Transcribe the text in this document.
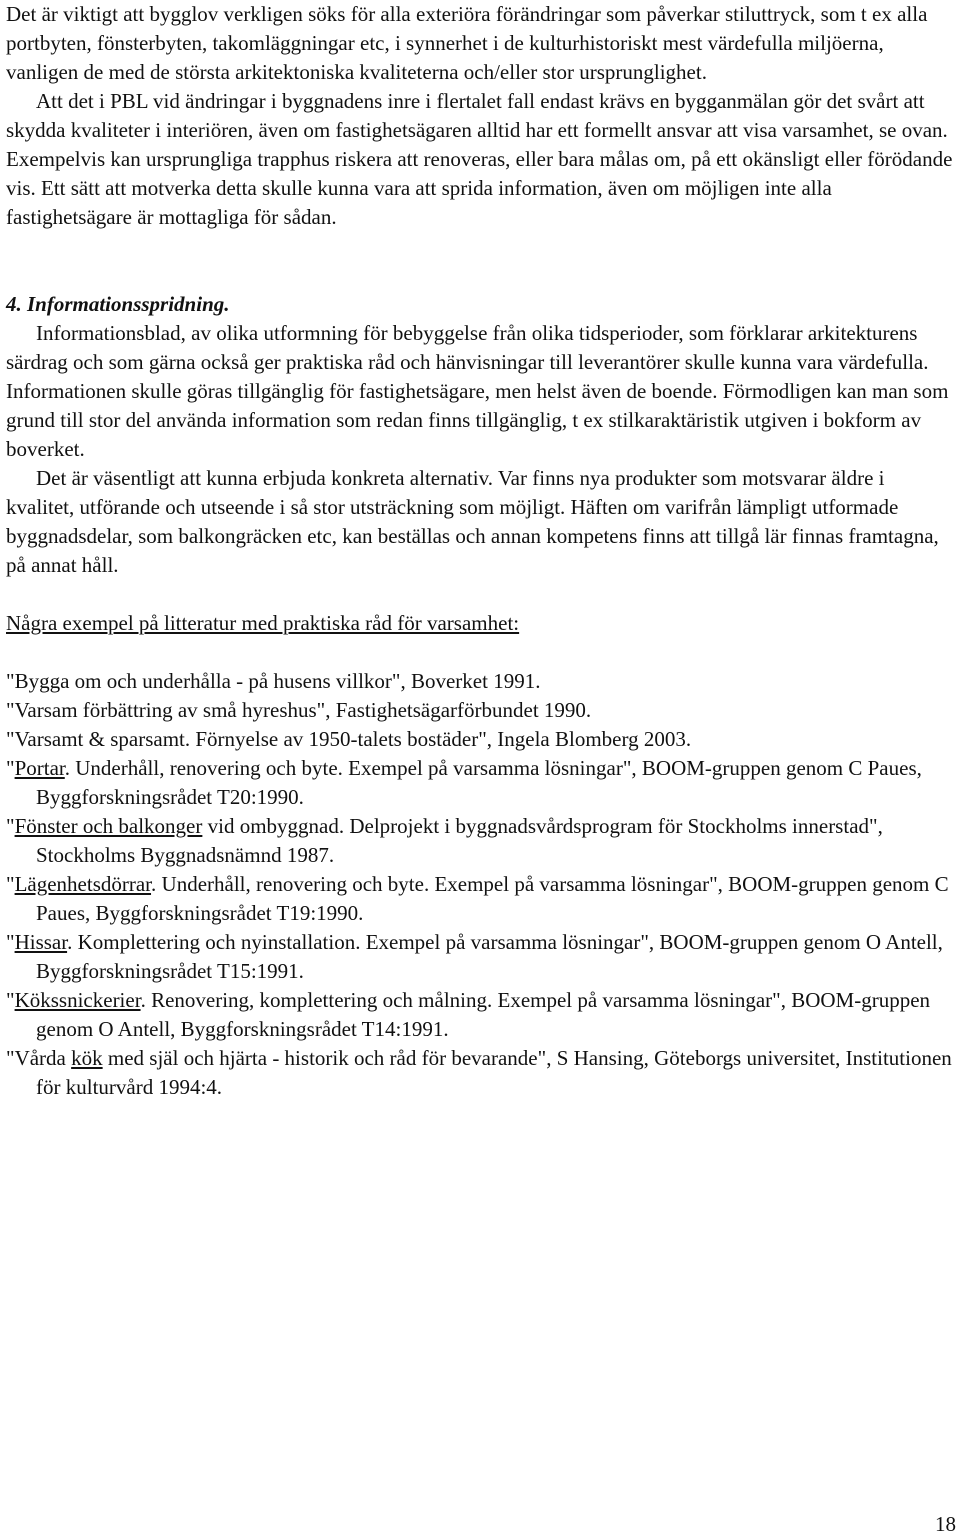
Det är viktigt att bygglov verkligen söks för alla exteriöra förändringar som påverkar stiluttryck, som t ex alla portbyten, fönsterbyten, takomläggningar etc, i synnerhet i de kulturhistoriskt mest värdefulla miljöerna, vanligen de med de största arkitektoniska kvaliteterna och/eller stor ursprunglighet.

Att det i PBL vid ändringar i byggnadens inre i flertalet fall endast krävs en bygganmälan gör det svårt att skydda kvaliteter i interiören, även om fastighetsägaren alltid har ett formellt ansvar att visa varsamhet, se ovan. Exempelvis kan ursprungliga trapphus riskera att renoveras, eller bara målas om, på ett okänsligt eller förödande vis. Ett sätt att motverka detta skulle kunna vara att sprida information, även om möjligen inte alla fastighetsägare är mottagliga för sådan.

4. Informationsspridning.

Informationsblad, av olika utformning för bebyggelse från olika tidsperioder, som förklarar arkitekturens särdrag och som gärna också ger praktiska råd och hänvisningar till leverantörer skulle kunna vara värdefulla. Informationen skulle göras tillgänglig för fastighetsägare, men helst även de boende. Förmodligen kan man som grund till stor del använda information som redan finns tillgänglig, t ex stilkaraktäristik utgiven i bokform av boverket.

Det är väsentligt att kunna erbjuda konkreta alternativ. Var finns nya produkter som motsvarar äldre i kvalitet, utförande och utseende i så stor utsträckning som möjligt. Häften om varifrån lämpligt utformade byggnadsdelar, som balkongräcken etc, kan beställas och annan kompetens finns att tillgå lär finnas framtagna, på annat håll.

Några exempel på litteratur med praktiska råd för varsamhet:

"Bygga om och underhålla - på husens villkor", Boverket 1991.

"Varsam förbättring av små hyreshus", Fastighetsägarförbundet 1990.

"Varsamt & sparsamt. Förnyelse av 1950-talets bostäder", Ingela Blomberg 2003.

"Portar. Underhåll, renovering och byte. Exempel på varsamma lösningar", BOOM-gruppen genom C Paues, Byggforskningsrådet T20:1990.

"Fönster och balkonger vid ombyggnad. Delprojekt i byggnadsvårdsprogram för Stockholms innerstad", Stockholms Byggnadsnämnd 1987.

"Lägenhetsdörrar. Underhåll, renovering och byte. Exempel på varsamma lösningar", BOOM-gruppen genom C Paues, Byggforskningsrådet T19:1990.

"Hissar. Komplettering och nyinstallation. Exempel på varsamma lösningar", BOOM-gruppen genom O Antell, Byggforskningsrådet T15:1991.

"Kökssnickerier. Renovering, komplettering och målning. Exempel på varsamma lösningar", BOOM-gruppen genom O Antell, Byggforskningsrådet T14:1991.

"Vårda kök med själ och hjärta - historik och råd för bevarande", S Hansing, Göteborgs universitet, Institutionen för kulturvård 1994:4.

18
